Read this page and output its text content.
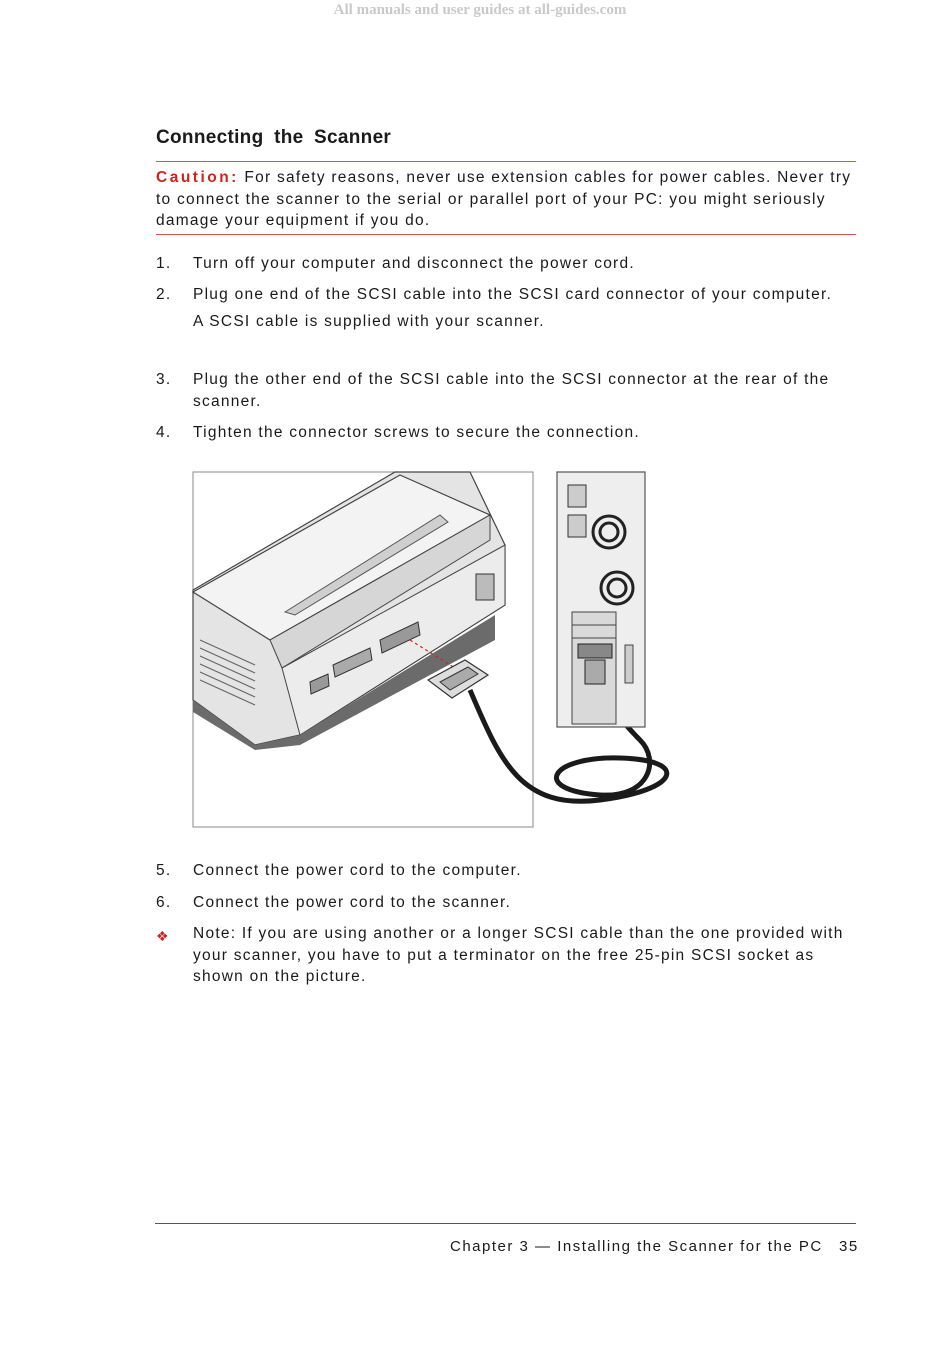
All manuals and user guides at all-guides.com
Connecting the Scanner
Caution: For safety reasons, never use extension cables for power cables. Never try to connect the scanner to the serial or parallel port of your PC: you might seriously damage your equipment if you do.
1.	Turn off your computer and disconnect the power cord.
2.	Plug one end of the SCSI cable into the SCSI card connector of your computer.
A SCSI cable is supplied with your scanner.
3.	Plug the other end of the SCSI cable into the SCSI connector at the rear of the scanner.
4.	Tighten the connector screws to secure the connection.
5.	Connect the power cord to the computer.
6.	Connect the power cord to the scanner.
❖ Note: If you are using another or a longer SCSI cable than the one provided with your scanner, you have to put a terminator on the free 25-pin SCSI socket as shown on the picture.
Chapter 3 — Installing the Scanner for the PC 35
